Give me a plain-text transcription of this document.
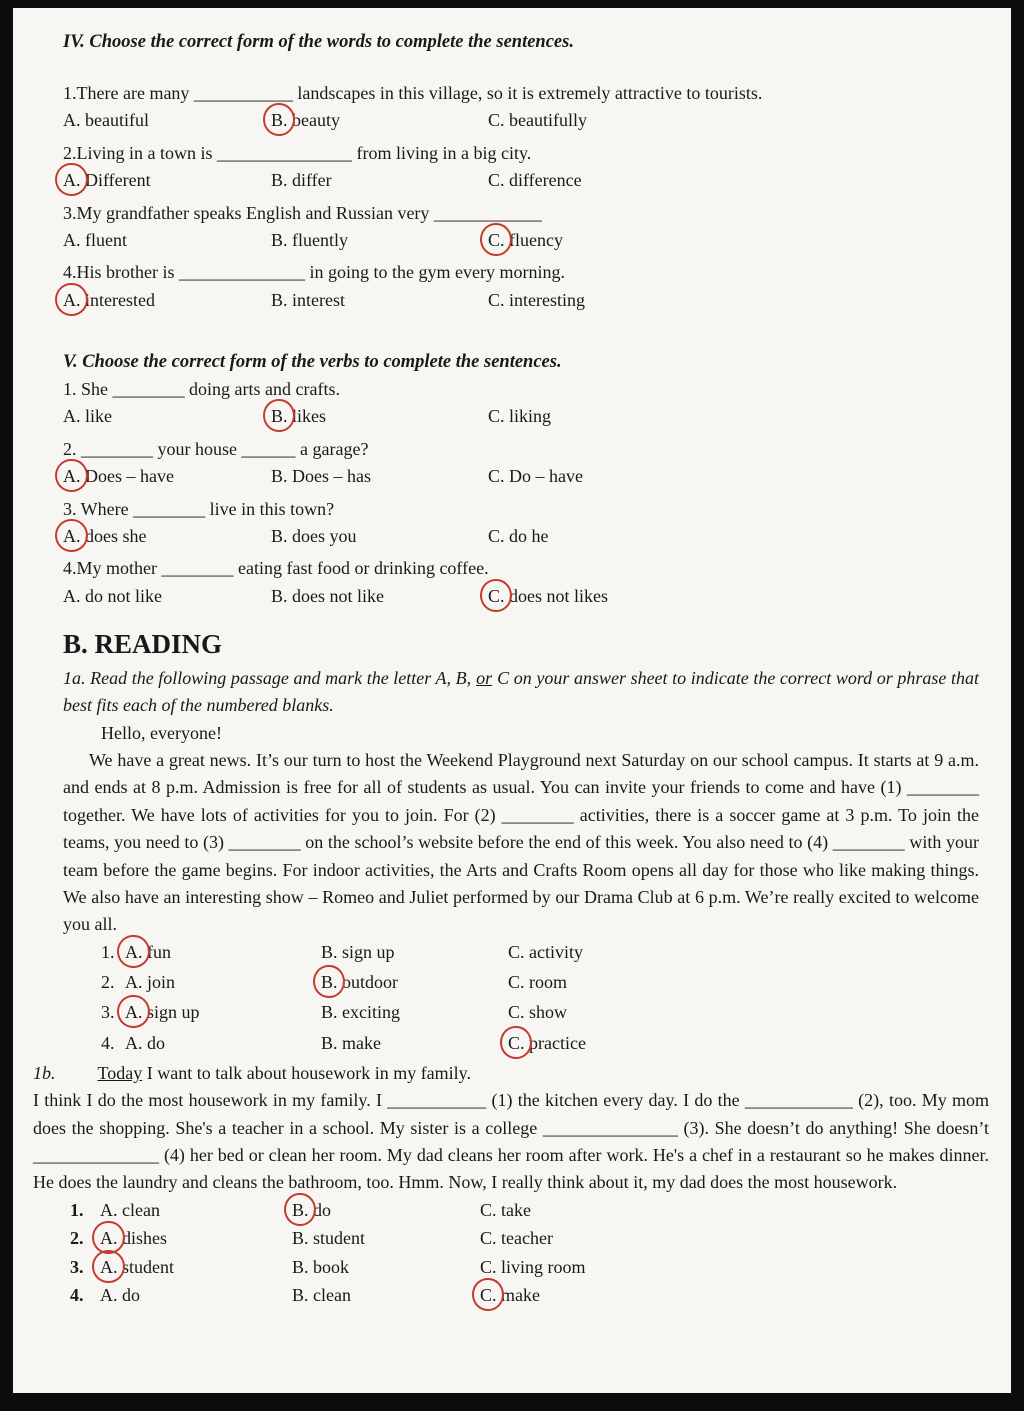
IV. Choose the correct form of the words to complete the sentences.
1.There are many ___________ landscapes in this village, so it is extremely attractive to tourists.
A. beautiful	B. beauty	C. beautifully
2.Living in a town is _______________ from living in a big city.
A. Different	B. differ	C. difference
3.My grandfather speaks English and Russian very ____________
A. fluent	B. fluently	C. fluency
4.His brother is ______________ in going to the gym every morning.
A. interested	B. interest	C. interesting
V. Choose the correct form of the verbs to complete the sentences.
1. She ________ doing arts and crafts.
A. like	B. likes	C. liking
2. ________ your house ______ a garage?
A. Does – have	B. Does – has	C. Do – have
3. Where ________ live in this town?
A. does she	B. does you	C. do he
4.My mother ________ eating fast food or drinking coffee.
A. do not like	B. does not like	C. does not likes
B. READING

1a. Read the following passage and mark the letter A, B, or C on your answer sheet to indicate the correct word or phrase that best fits each of the numbered blanks.

Hello, everyone!

We have a great news. It’s our turn to host the Weekend Playground next Saturday on our school campus. It starts at 9 a.m. and ends at 8 p.m. Admission is free for all of students as usual. You can invite your friends to come and have (1) ________ together. We have lots of activities for you to join. For (2) ________ activities, there is a soccer game at 3 p.m. To join the teams, you need to (3) ________ on the school’s website before the end of this week. You also need to (4) ________ with your team before the game begins. For indoor activities, the Arts and Crafts Room opens all day for those who like making things. We also have an interesting show – Romeo and Juliet performed by our Drama Club at 6 p.m. We’re really excited to welcome you all.

1. A. fun	B. sign up	C. activity
2. A. join	B. outdoor	C. room
3. A. sign up	B. exciting	C. show
4. A. do	B. make	C. practice

1b. Today I want to talk about housework in my family.

I think I do the most housework in my family. I ___________ (1) the kitchen every day. I do the ____________ (2), too. My mom does the shopping. She's a teacher in a school. My sister is a college _______________ (3). She doesn’t do anything! She doesn’t ______________ (4) her bed or clean her room. My dad cleans her room after work. He's a chef in a restaurant so he makes dinner. He does the laundry and cleans the bathroom, too. Hmm. Now, I really think about it, my dad does the most housework.

1. A. clean	B. do	C. take
2. A. dishes	B. student	C. teacher
3. A. student	B. book	C. living room
4. A. do	B. clean	C. make
